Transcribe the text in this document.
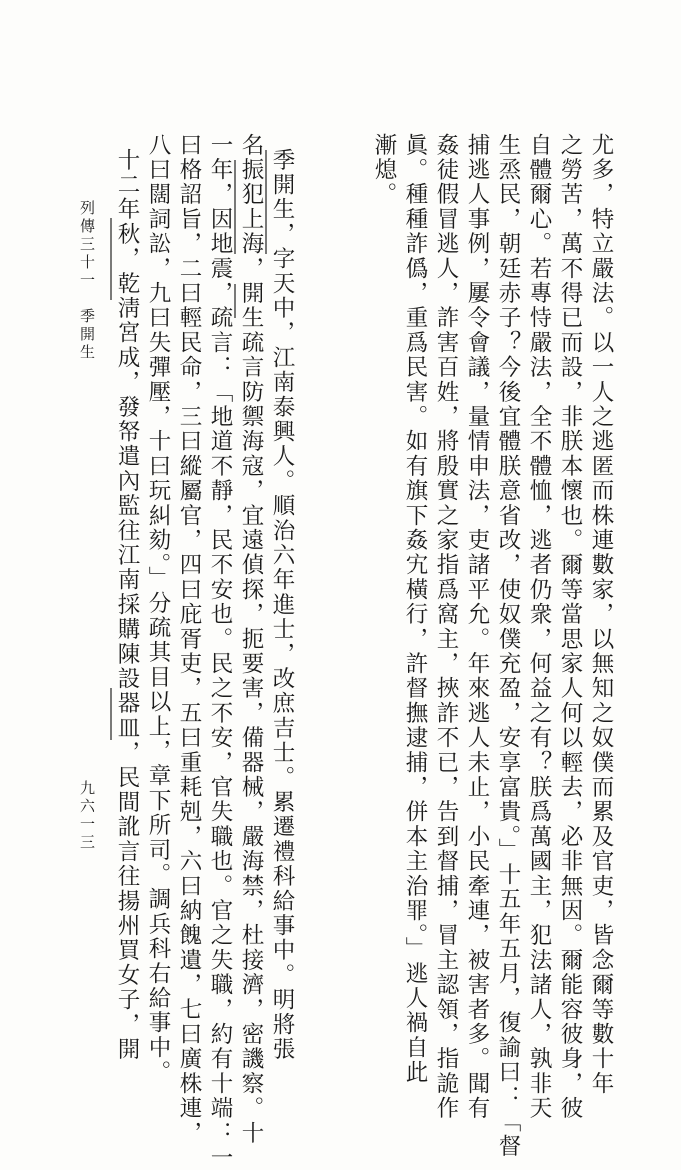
尤多，特立嚴法。以一人之逃匿而株連數家，以無知之奴僕而累及官吏，皆念爾等數十年
之勞苦，萬不得已而設，非朕本懷也。爾等當思家人何以輕去，必非無因。爾能容彼身，彼
自體爾心。若專恃嚴法，全不體恤，逃者仍衆，何益之有？朕爲萬國主，犯法諸人，孰非天
生烝民，朝廷赤子？今後宜體朕意省改，使奴僕充盈，安享富貴。」十五年五月，復諭曰：「督
捕逃人事例，屢令會議，量情申法，吏諸平允。年來逃人未止，小民牽連，被害者多。聞有
姦徒假冒逃人，詐害百姓，將殷實之家指爲窩主，挾詐不已，告到督捕，冒主認領，指詭作
眞。種種詐僞，重爲民害。如有旗下姦宄橫行，許督撫逮捕，併本主治罪。」逃人禍自此
漸熄。
季開生，字天中，江南泰興人。順治六年進士，改庶吉士。累遷禮科給事中。明將張
名振犯上海，開生疏言防禦海寇，宜遠偵探，扼要害，備器械，嚴海禁，杜接濟，密譏察。十
一年，因地震，疏言：「地道不靜，民不安也。民之不安，官失職也。官之失職，約有十端：一
曰格詔旨，二曰輕民命，三曰縱屬官，四曰庇胥吏，五曰重耗剋，六曰納餽遺，七曰廣株連，
八曰闊詞訟，九曰失彈壓，十曰玩糾劾。」分疏其目以上，章下所司。調兵科右給事中。
十二年秋，乾淸宮成，發帑遣內監往江南採購陳設器皿，民間訛言往揚州買女子，開
列傳三十一　季開生
九六一三
